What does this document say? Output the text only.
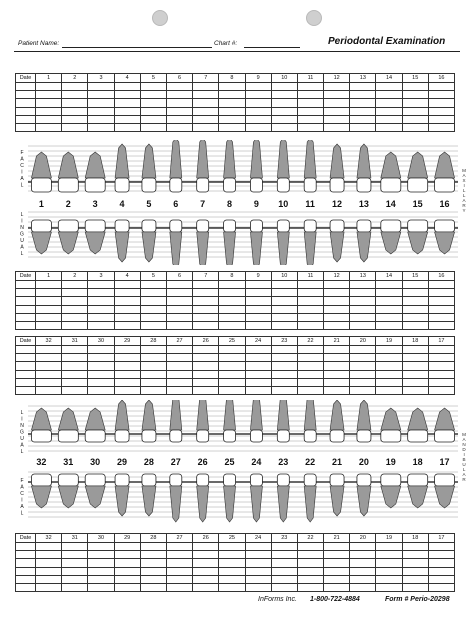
Patient Name:	Chart #:	Periodontal Examination
Date	1	2	3	4	5	6	7	8	9	10	11	12	13	14	15	16

Date	1	2	3	4	5	6	7	8	9	10	11	12	13	14	15	16

Date	32	31	30	29	28	27	26	25	24	23	22	21	20	19	18	17

Date	32	31	30	29	28	27	26	25	24	23	22	21	20	19	18	17

FACIAL
LINGUAL
MAXILLARY
1	2	3	4	5	6	7	8	9	10	11	12	13	14	15	16
LINGUAL
FACIAL
MANDIBULAR
32	31	30	29	28	27	26	25	24	23	22	21	20	19	18	17
InForms Inc. 1-800-722-4884	Form # Perio-20298
